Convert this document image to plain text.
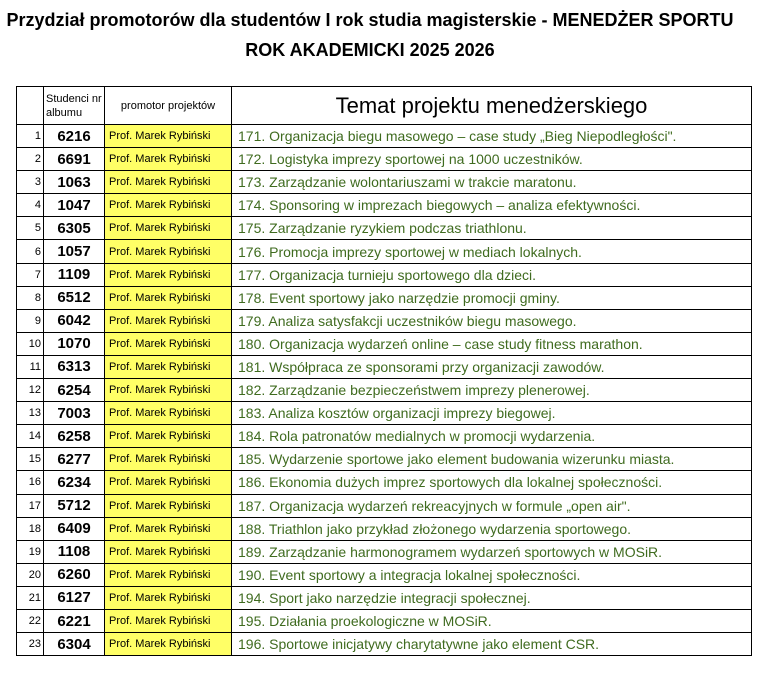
Przydział promotorów dla studentów I rok studia magisterskie - MENEDŻER SPORTU
ROK AKADEMICKI 2025 2026
	Studenci nr albumu	promotor projektów	Temat projektu menedżerskiego
1	6216	Prof. Marek Rybiński	171. Organizacja biegu masowego – case study „Bieg Niepodległości".
2	6691	Prof. Marek Rybiński	172. Logistyka imprezy sportowej na 1000 uczestników.
3	1063	Prof. Marek Rybiński	173. Zarządzanie wolontariuszami w trakcie maratonu.
4	1047	Prof. Marek Rybiński	174. Sponsoring w imprezach biegowych – analiza efektywności.
5	6305	Prof. Marek Rybiński	175. Zarządzanie ryzykiem podczas triathlonu.
6	1057	Prof. Marek Rybiński	176. Promocja imprezy sportowej w mediach lokalnych.
7	1109	Prof. Marek Rybiński	177. Organizacja turnieju sportowego dla dzieci.
8	6512	Prof. Marek Rybiński	178. Event sportowy jako narzędzie promocji gminy.
9	6042	Prof. Marek Rybiński	179. Analiza satysfakcji uczestników biegu masowego.
10	1070	Prof. Marek Rybiński	180. Organizacja wydarzeń online – case study fitness marathon.
11	6313	Prof. Marek Rybiński	181. Współpraca ze sponsorami przy organizacji zawodów.
12	6254	Prof. Marek Rybiński	182. Zarządzanie bezpieczeństwem imprezy plenerowej.
13	7003	Prof. Marek Rybiński	183. Analiza kosztów organizacji imprezy biegowej.
14	6258	Prof. Marek Rybiński	184. Rola patronatów medialnych w promocji wydarzenia.
15	6277	Prof. Marek Rybiński	185. Wydarzenie sportowe jako element budowania wizerunku miasta.
16	6234	Prof. Marek Rybiński	186. Ekonomia dużych imprez sportowych dla lokalnej społeczności.
17	5712	Prof. Marek Rybiński	187. Organizacja wydarzeń rekreacyjnych w formule „open air".
18	6409	Prof. Marek Rybiński	188. Triathlon jako przykład złożonego wydarzenia sportowego.
19	1108	Prof. Marek Rybiński	189. Zarządzanie harmonogramem wydarzeń sportowych w MOSiR.
20	6260	Prof. Marek Rybiński	190. Event sportowy a integracja lokalnej społeczności.
21	6127	Prof. Marek Rybiński	194. Sport jako narzędzie integracji społecznej.
22	6221	Prof. Marek Rybiński	195. Działania proekologiczne w MOSiR.
23	6304	Prof. Marek Rybiński	196. Sportowe inicjatywy charytatywne jako element CSR.
